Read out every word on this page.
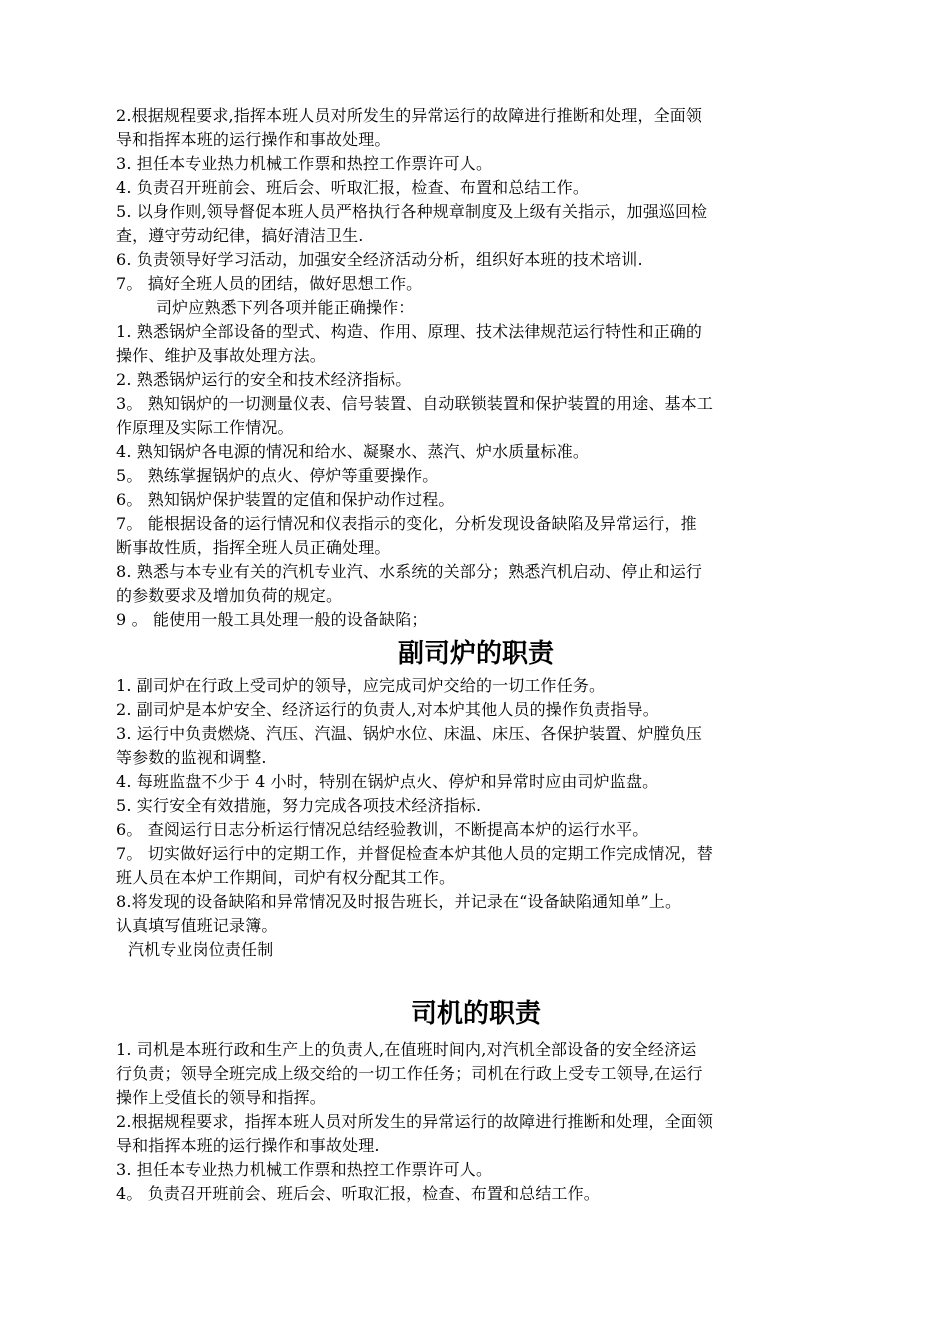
2.根据规程要求,指挥本班人员对所发生的异常运行的故障进行推断和处理，全面领
导和指挥本班的运行操作和事故处理。
3. 担任本专业热力机械工作票和热控工作票许可人。
4. 负责召开班前会、班后会、听取汇报，检查、布置和总结工作。
5. 以身作则,领导督促本班人员严格执行各种规章制度及上级有关指示，加强巡回检
查，遵守劳动纪律，搞好清洁卫生.
6. 负责领导好学习活动，加强安全经济活动分析，组织好本班的技术培训.
7。 搞好全班人员的团结，做好思想工作。
司炉应熟悉下列各项并能正确操作：
1. 熟悉锅炉全部设备的型式、构造、作用、原理、技术法律规范运行特性和正确的
操作、维护及事故处理方法。
2. 熟悉锅炉运行的安全和技术经济指标。
3。 熟知锅炉的一切测量仪表、信号装置、自动联锁装置和保护装置的用途、基本工
作原理及实际工作情况。
4. 熟知锅炉各电源的情况和给水、凝聚水、蒸汽、炉水质量标准。
5。 熟练掌握锅炉的点火、停炉等重要操作。
6。 熟知锅炉保护装置的定值和保护动作过程。
7。 能根据设备的运行情况和仪表指示的变化，分析发现设备缺陷及异常运行，推
断事故性质，指挥全班人员正确处理。
8. 熟悉与本专业有关的汽机专业汽、水系统的关部分；熟悉汽机启动、停止和运行
的参数要求及增加负荷的规定。
9 。 能使用一般工具处理一般的设备缺陷；
副司炉的职责
1. 副司炉在行政上受司炉的领导，应完成司炉交给的一切工作任务。
2. 副司炉是本炉安全、经济运行的负责人,对本炉其他人员的操作负责指导。
3. 运行中负责燃烧、汽压、汽温、锅炉水位、床温、床压、各保护装置、炉膛负压
等参数的监视和调整.
4. 每班监盘不少于 4 小时，特别在锅炉点火、停炉和异常时应由司炉监盘。
5. 实行安全有效措施，努力完成各项技术经济指标.
6。 查阅运行日志分析运行情况总结经验教训，不断提高本炉的运行水平。
7。 切实做好运行中的定期工作，并督促检查本炉其他人员的定期工作完成情况，替
班人员在本炉工作期间，司炉有权分配其工作。
8.将发现的设备缺陷和异常情况及时报告班长，并记录在“设备缺陷通知单”上。
认真填写值班记录簿。
汽机专业岗位责任制
司机的职责
1. 司机是本班行政和生产上的负责人,在值班时间内,对汽机全部设备的安全经济运
行负责；领导全班完成上级交给的一切工作任务；司机在行政上受专工领导,在运行
操作上受值长的领导和指挥。
2.根据规程要求，指挥本班人员对所发生的异常运行的故障进行推断和处理，全面领
导和指挥本班的运行操作和事故处理.
3. 担任本专业热力机械工作票和热控工作票许可人。
4。 负责召开班前会、班后会、听取汇报，检查、布置和总结工作。
